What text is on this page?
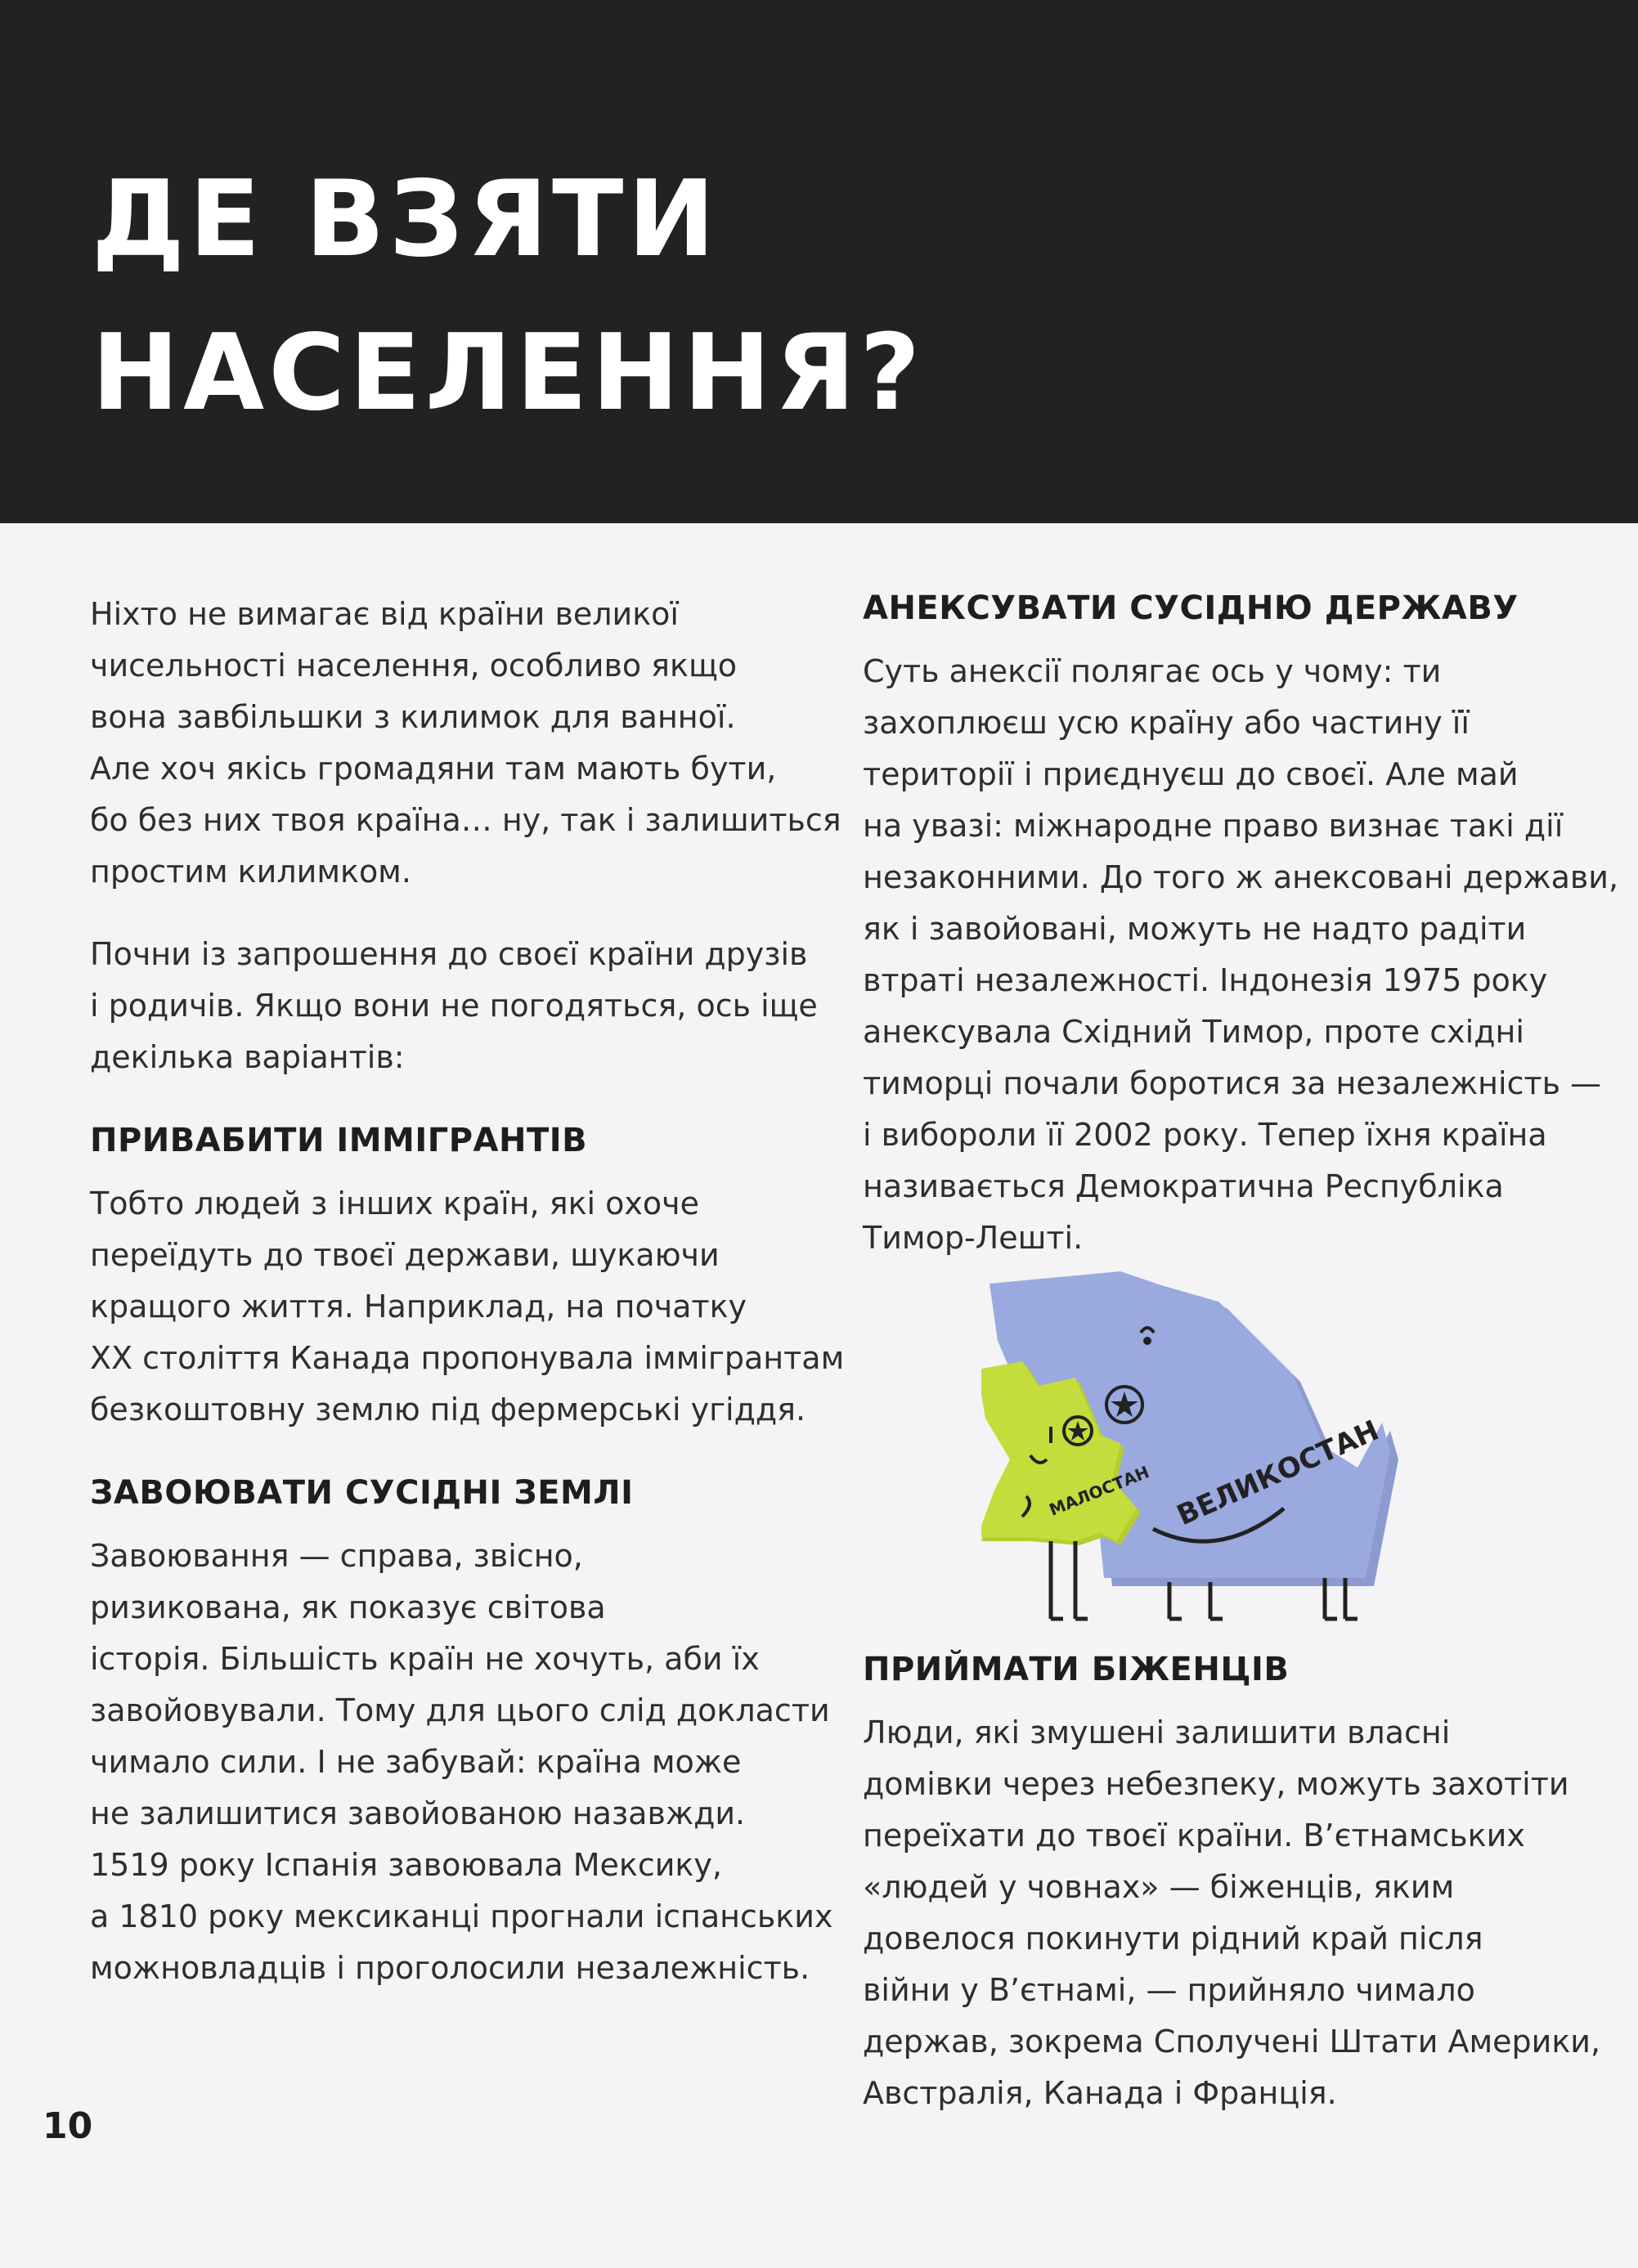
ДЕ ВЗЯТИ
НАСЕЛЕННЯ?

Ніхто не вимагає від країни великої
чисельності населення, особливо якщо
вона завбільшки з килимок для ванної.
Але хоч якісь громадяни там мають бути,
бо без них твоя країна… ну, так і залишиться
простим килимком.

Почни із запрошення до своєї країни друзів
і родичів. Якщо вони не погодяться, ось іще
декілька варіантів:

ПРИВАБИТИ ІММІГРАНТІВ

Тобто людей з інших країн, які охоче
переїдуть до твоєї держави, шукаючи
кращого життя. Наприклад, на початку
XX століття Канада пропонувала іммігрантам
безкоштовну землю під фермерські угіддя.

ЗАВОЮВАТИ СУСІДНІ ЗЕМЛІ

Завоювання — справа, звісно,
ризикована, як показує світова
історія. Більшість країн не хочуть, аби їх
завойовували. Тому для цього слід докласти
чимало сили. І не забувай: країна може
не залишитися завойованою назавжди.
1519 року Іспанія завоювала Мексику,
а 1810 року мексиканці прогнали іспанських
можновладців і проголосили незалежність.

АНЕКСУВАТИ СУСІДНЮ ДЕРЖАВУ

Суть анексії полягає ось у чому: ти
захоплюєш усю країну або частину її
території і приєднуєш до своєї. Але май
на увазі: міжнародне право визнає такі дії
незаконними. До того ж анексовані держави,
як і завойовані, можуть не надто радіти
втраті незалежності. Індонезія 1975 року
анексувала Східний Тимор, проте східні
тиморці почали боротися за незалежність —
і вибороли її 2002 року. Тепер їхня країна
називається Демократична Республіка
Тимор-Лешті.

ВЕЛИКОСТАН
МАЛОСТАН
ПРИЙМАТИ БІЖЕНЦІВ

Люди, які змушені залишити власні
домівки через небезпеку, можуть захотіти
переїхати до твоєї країни. В’єтнамських
«людей у човнах» — біженців, яким
довелося покинути рідний край після
війни у В’єтнамі, — прийняло чимало
держав, зокрема Сполучені Штати Америки,
Австралія, Канада і Франція.

10
